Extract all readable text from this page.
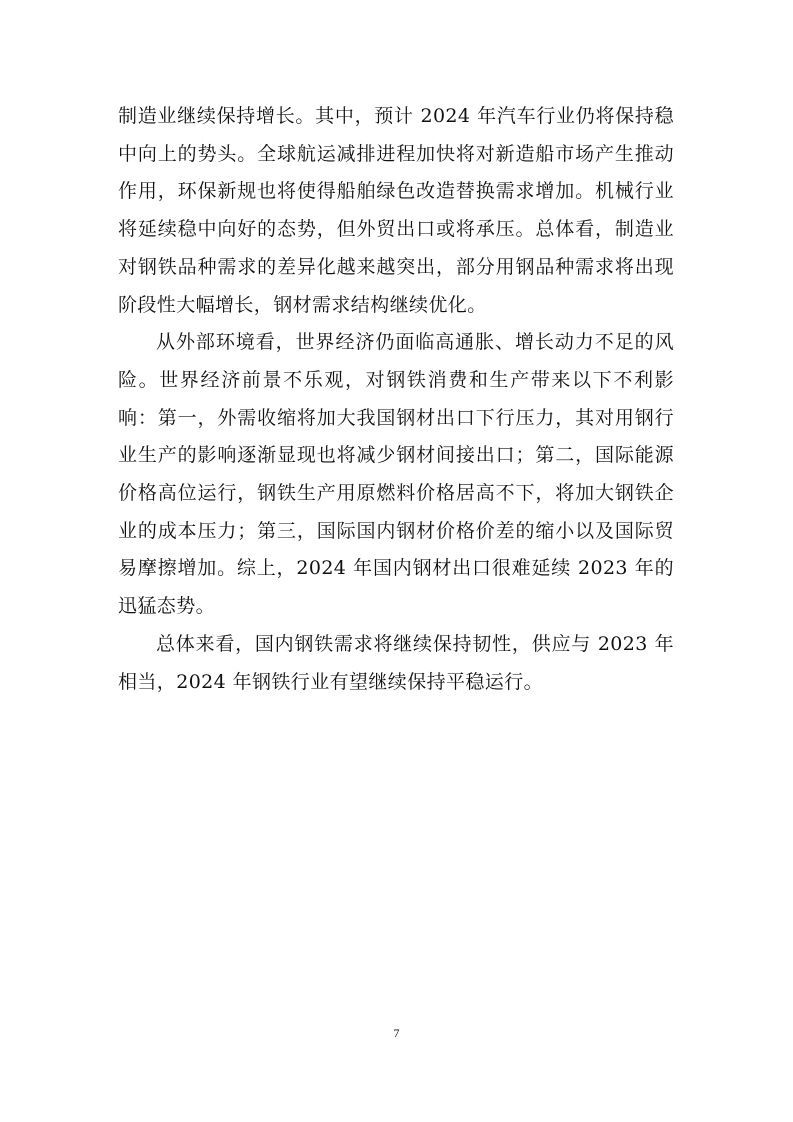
制造业继续保持增长。其中，预计 2024 年汽车行业仍将保持稳中向上的势头。全球航运减排进程加快将对新造船市场产生推动作用，环保新规也将使得船舶绿色改造替换需求增加。机械行业将延续稳中向好的态势，但外贸出口或将承压。总体看，制造业对钢铁品种需求的差异化越来越突出，部分用钢品种需求将出现阶段性大幅增长，钢材需求结构继续优化。

从外部环境看，世界经济仍面临高通胀、增长动力不足的风险。世界经济前景不乐观，对钢铁消费和生产带来以下不利影响：第一，外需收缩将加大我国钢材出口下行压力，其对用钢行业生产的影响逐渐显现也将减少钢材间接出口；第二，国际能源价格高位运行，钢铁生产用原燃料价格居高不下，将加大钢铁企业的成本压力；第三，国际国内钢材价格价差的缩小以及国际贸易摩擦增加。综上，2024 年国内钢材出口很难延续 2023 年的迅猛态势。

总体来看，国内钢铁需求将继续保持韧性，供应与 2023 年相当，2024 年钢铁行业有望继续保持平稳运行。

7
